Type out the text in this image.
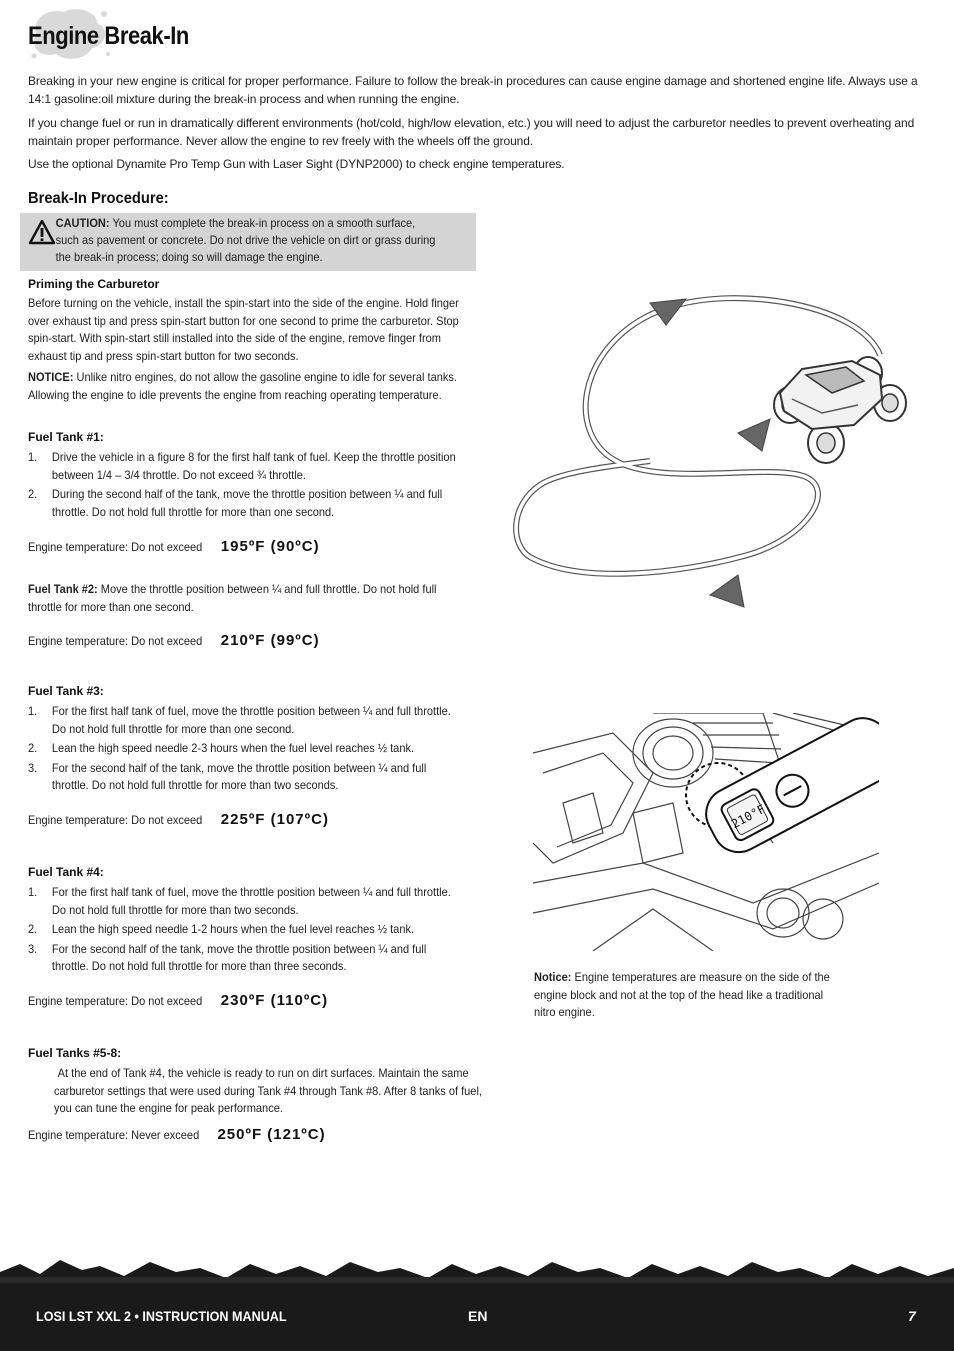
Engine Break-In

Breaking in your new engine is critical for proper performance. Failure to follow the break-in procedures can cause engine damage and shortened engine life. Always use a 14:1 gasoline:oil mixture during the break-in process and when running the engine.

If you change fuel or run in dramatically different environments (hot/cold, high/low elevation, etc.) you will need to adjust the carburetor needles to prevent overheating and maintain proper performance. Never allow the engine to rev freely with the wheels off the ground.

Use the optional Dynamite Pro Temp Gun with Laser Sight (DYNP2000) to check engine temperatures.

Break-In Procedure:
CAUTION: You must complete the break-in process on a smooth surface, such as pavement or concrete. Do not drive the vehicle on dirt or grass during the break-in process; doing so will damage the engine.

Priming the Carburetor

Before turning on the vehicle, install the spin-start into the side of the engine. Hold finger over exhaust tip and press spin-start button for one second to prime the carburetor. Stop spin-start. With spin-start still installed into the side of the engine, remove finger from exhaust tip and press spin-start button for two seconds.

NOTICE: Unlike nitro engines, do not allow the gasoline engine to idle for several tanks. Allowing the engine to idle prevents the engine from reaching operating temperature.

Fuel Tank #1:

1. Drive the vehicle in a figure 8 for the first half tank of fuel. Keep the throttle position between 1/4 – 3/4 throttle. Do not exceed ¾ throttle.
2. During the second half of the tank, move the throttle position between ¼ and full throttle. Do not hold full throttle for more than one second.

Engine temperature: Do not exceed 195ºF (90ºC)

Fuel Tank #2: Move the throttle position between ¼ and full throttle. Do not hold full throttle for more than one second.

Engine temperature: Do not exceed 210ºF (99ºC)

Fuel Tank #3:

1. For the first half tank of fuel, move the throttle position between ¼ and full throttle. Do not hold full throttle for more than one second.
2. Lean the high speed needle 2-3 hours when the fuel level reaches ½ tank.
3. For the second half of the tank, move the throttle position between ¼ and full throttle. Do not hold full throttle for more than two seconds.

Engine temperature: Do not exceed 225ºF (107ºC)

Fuel Tank #4:

1. For the first half tank of fuel, move the throttle position between ¼ and full throttle. Do not hold full throttle for more than two seconds.
2. Lean the high speed needle 1-2 hours when the fuel level reaches ½ tank.
3. For the second half of the tank, move the throttle position between ¼ and full throttle. Do not hold full throttle for more than three seconds.

Engine temperature: Do not exceed 230ºF (110ºC)

Fuel Tanks #5-8:

At the end of Tank #4, the vehicle is ready to run on dirt surfaces. Maintain the same carburetor settings that were used during Tank #4 through Tank #8. After 8 tanks of fuel, you can tune the engine for peak performance.

Engine temperature: Never exceed 250ºF (121ºC)

210°F

Notice: Engine temperatures are measure on the side of the engine block and not at the top of the head like a traditional nitro engine.

LOSI LST XXL 2 • INSTRUCTION MANUAL	EN	7
